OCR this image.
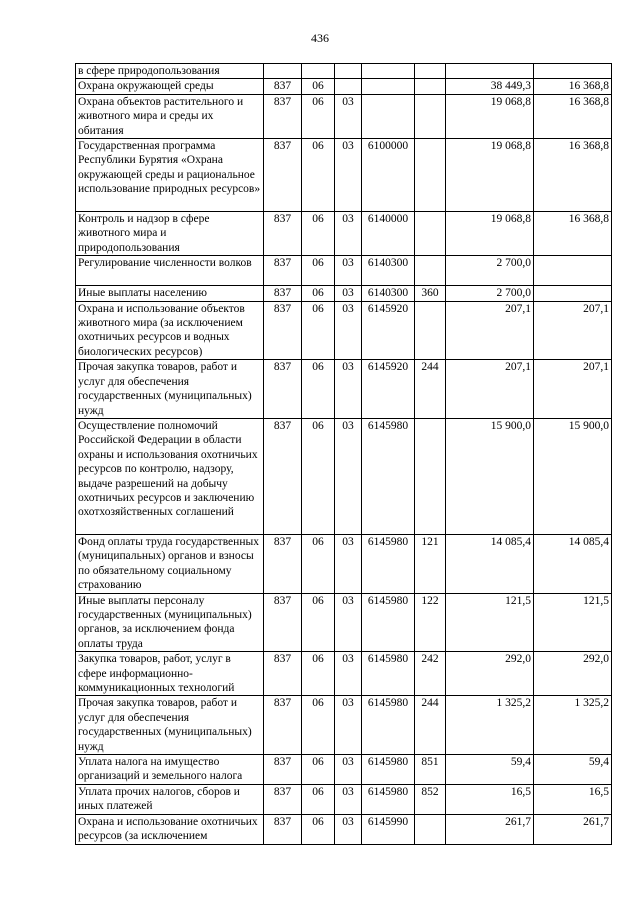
436
в сфере природопользования							
Охрана окружающей среды	837	06				38 449,3	16 368,8
Охрана объектов растительного и животного мира и среды их обитания	837	06	03			19 068,8	16 368,8
Государственная программа Республики Бурятия «Охрана окружающей среды и рациональное использование природных ресурсов»	837	06	03	6100000		19 068,8	16 368,8
Контроль и надзор в сфере животного мира и природопользования	837	06	03	6140000		19 068,8	16 368,8
Регулирование численности волков	837	06	03	6140300		2 700,0	
Иные выплаты населению	837	06	03	6140300	360	2 700,0	
Охрана и использование объектов животного мира (за исключением охотничьих ресурсов и водных биологических ресурсов)	837	06	03	6145920		207,1	207,1
Прочая закупка товаров, работ и услуг для обеспечения государственных (муниципальных) нужд	837	06	03	6145920	244	207,1	207,1
Осуществление полномочий Российской Федерации в области охраны и использования охотничьих ресурсов по контролю, надзору, выдаче разрешений на добычу охотничьих ресурсов и заключению охотхозяйственных соглашений	837	06	03	6145980		15 900,0	15 900,0
Фонд оплаты труда государственных (муниципальных) органов и взносы по обязательному социальному страхованию	837	06	03	6145980	121	14 085,4	14 085,4
Иные выплаты персоналу государственных (муниципальных) органов, за исключением фонда оплаты труда	837	06	03	6145980	122	121,5	121,5
Закупка товаров, работ, услуг в сфере информационно-коммуникационных технологий	837	06	03	6145980	242	292,0	292,0
Прочая закупка товаров, работ и услуг для обеспечения государственных (муниципальных) нужд	837	06	03	6145980	244	1 325,2	1 325,2
Уплата налога на имущество организаций и земельного налога	837	06	03	6145980	851	59,4	59,4
Уплата прочих налогов, сборов и иных платежей	837	06	03	6145980	852	16,5	16,5
Охрана и использование охотничьих ресурсов (за исключением	837	06	03	6145990		261,7	261,7
